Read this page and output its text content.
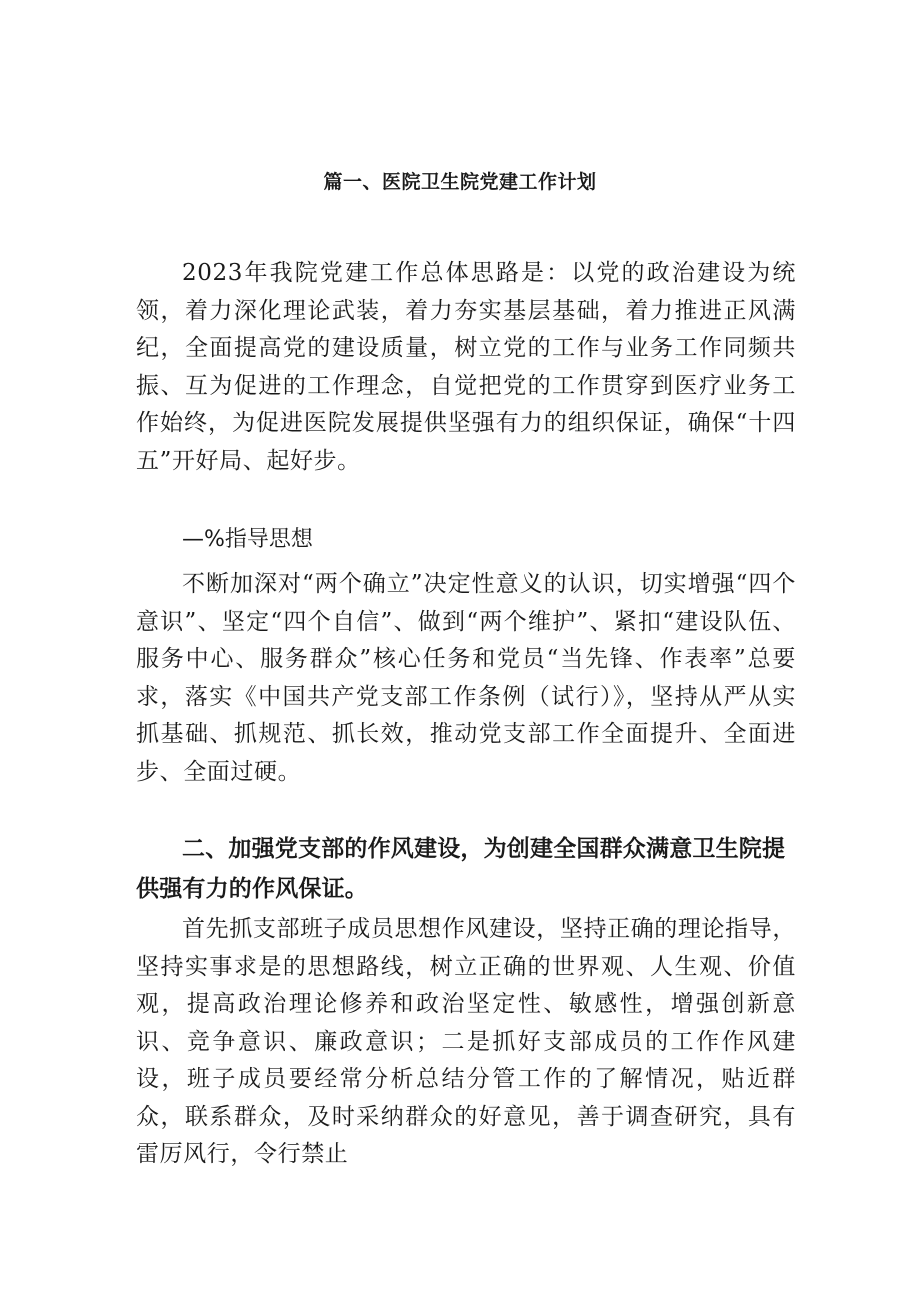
篇一、医院卫生院党建工作计划

2023年我院党建工作总体思路是：以党的政治建设为统领，着力深化理论武装，着力夯实基层基础，着力推进正风满纪，全面提高党的建设质量，树立党的工作与业务工作同频共振、互为促进的工作理念，自觉把党的工作贯穿到医疗业务工作始终，为促进医院发展提供坚强有力的组织保证，确保“十四五”开好局、起好步。

—%指导思想

不断加深对“两个确立”决定性意义的认识，切实增强“四个意识”、坚定“四个自信”、做到“两个维护”、紧扣“建设队伍、服务中心、服务群众”核心任务和党员“当先锋、作表率”总要求，落实《中国共产党支部工作条例（试行）》，坚持从严从实抓基础、抓规范、抓长效，推动党支部工作全面提升、全面进步、全面过硬。

二、加强党支部的作风建设，为创建全国群众满意卫生院提供强有力的作风保证。

首先抓支部班子成员思想作风建设，坚持正确的理论指导，坚持实事求是的思想路线，树立正确的世界观、人生观、价值观，提高政治理论修养和政治坚定性、敏感性，增强创新意识、竞争意识、廉政意识；二是抓好支部成员的工作作风建设，班子成员要经常分析总结分管工作的了解情况，贴近群众，联系群众，及时采纳群众的好意见，善于调查研究，具有雷厉风行，令行禁止
